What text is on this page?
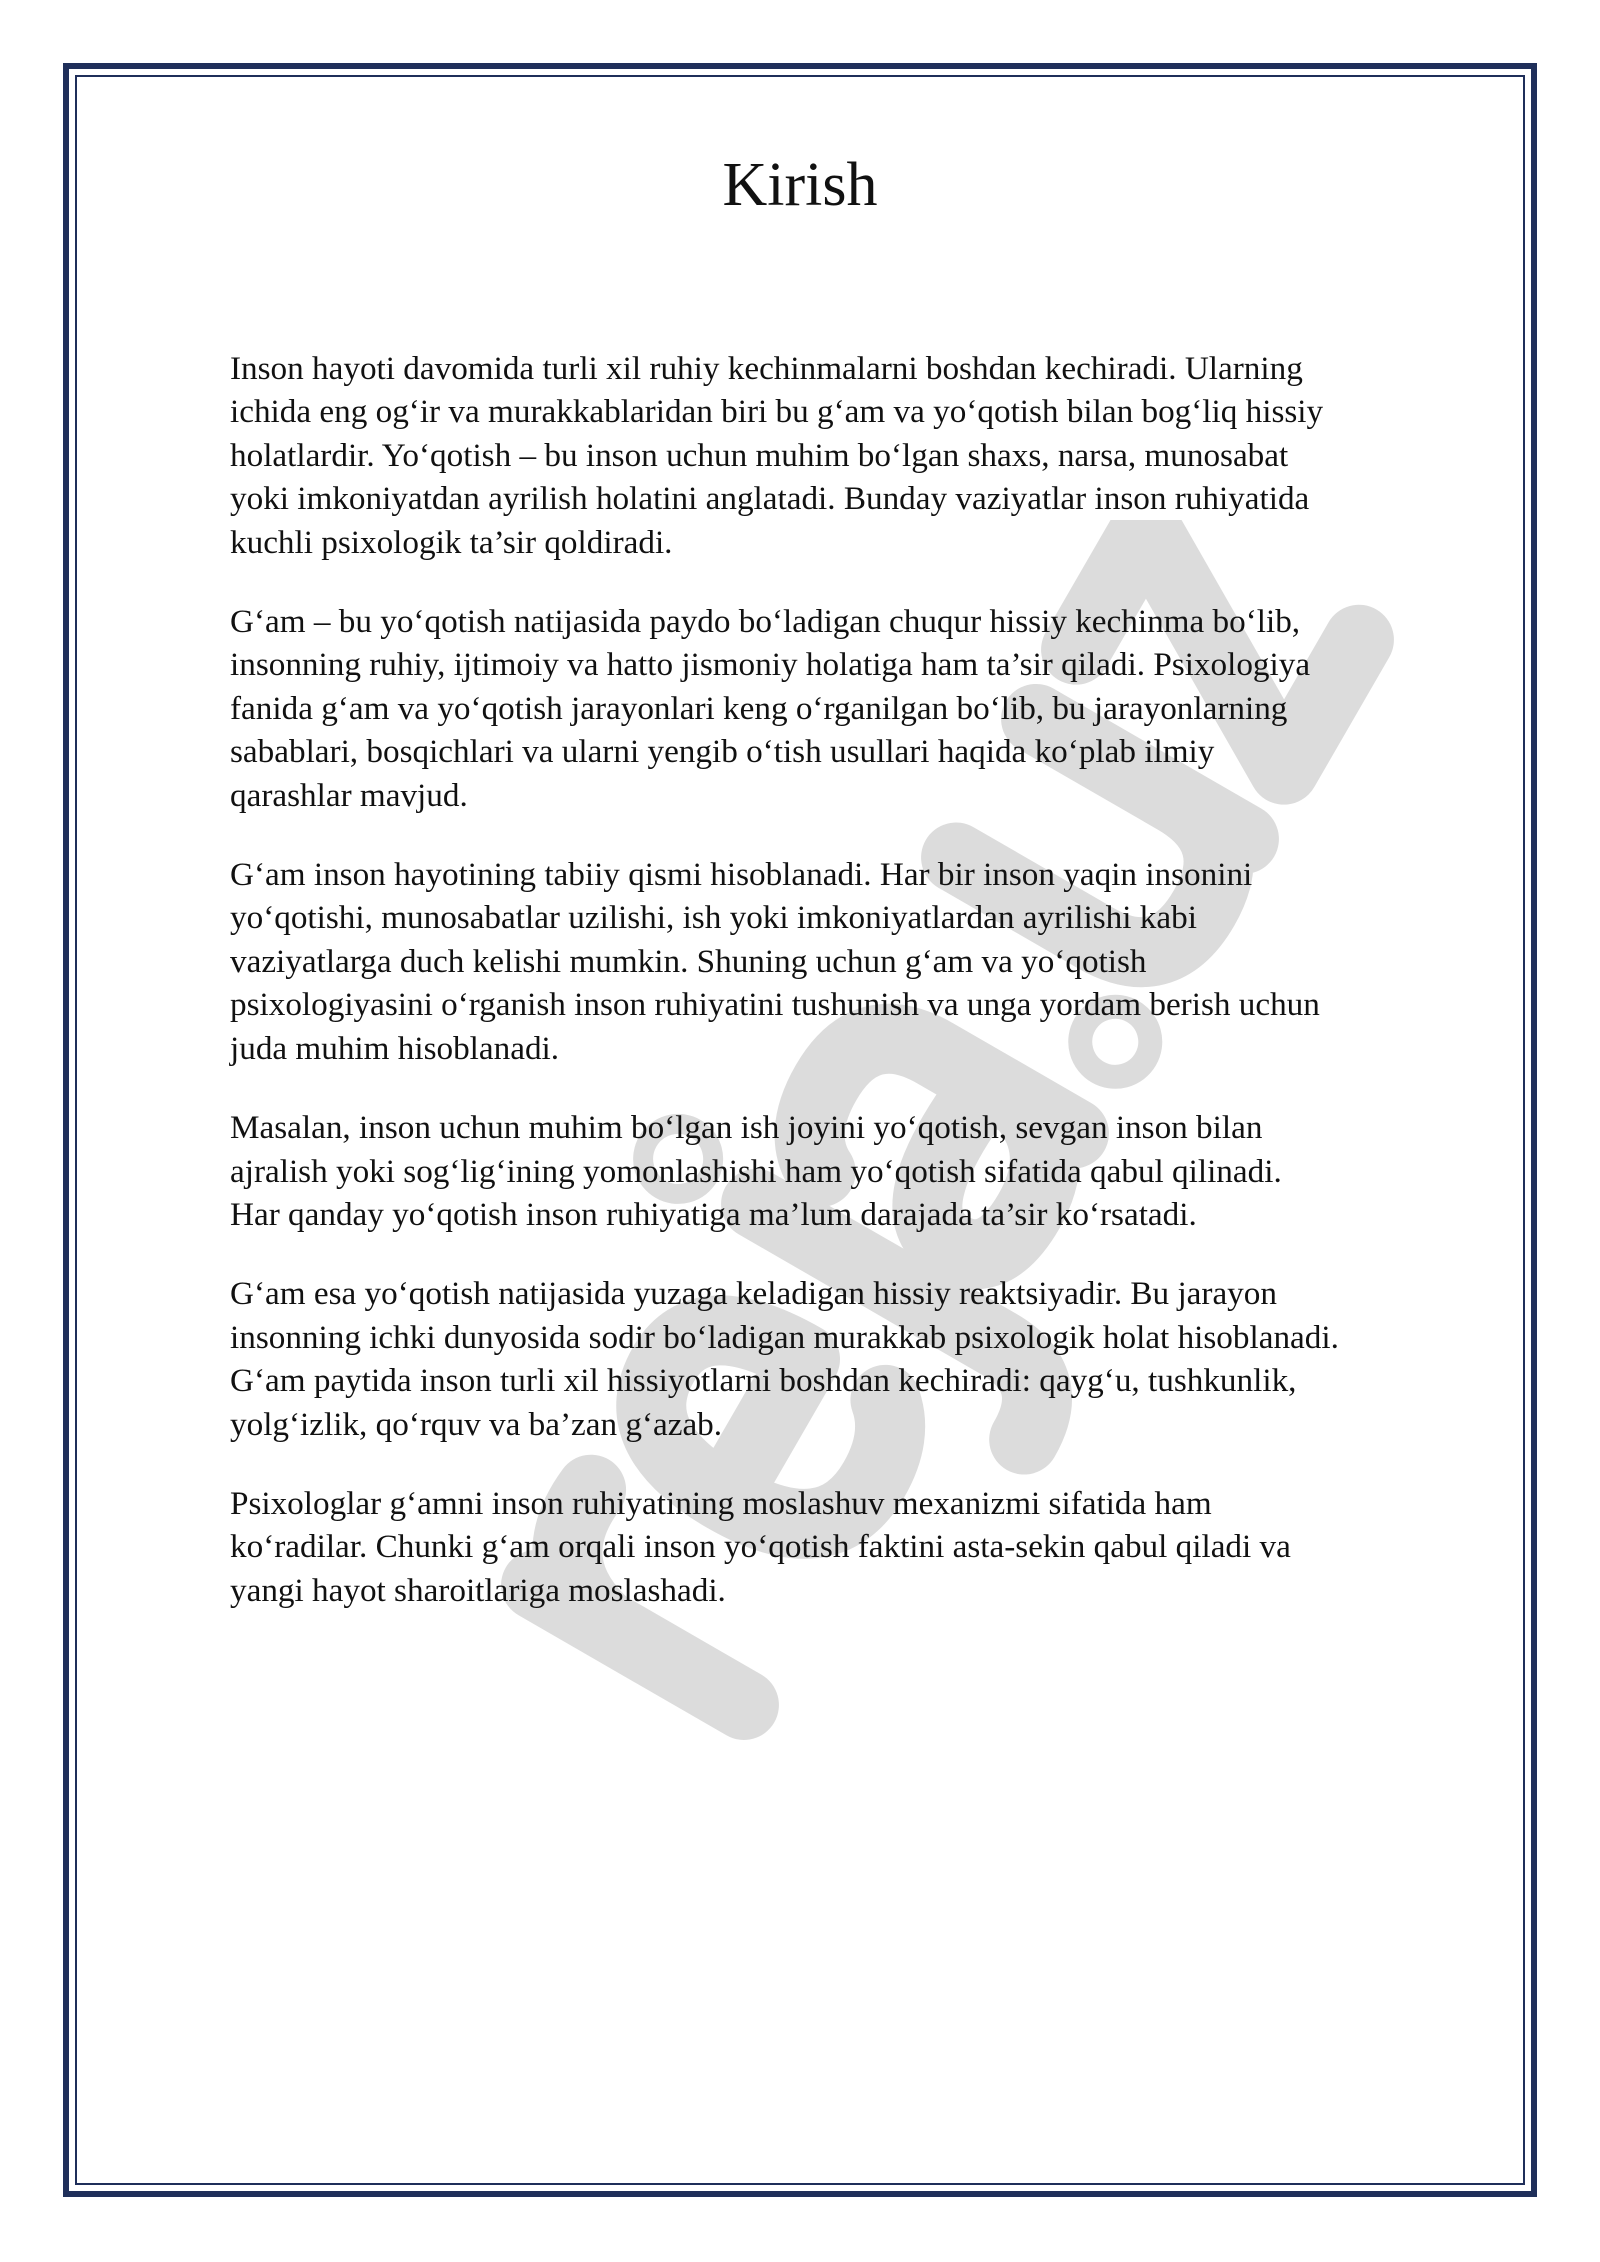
Kirish

Inson hayoti davomida turli xil ruhiy kechinmalarni boshdan kechiradi. Ularning
ichida eng og‘ir va murakkablaridan biri bu g‘am va yo‘qotish bilan bog‘liq hissiy
holatlardir. Yo‘qotish – bu inson uchun muhim bo‘lgan shaxs, narsa, munosabat
yoki imkoniyatdan ayrilish holatini anglatadi. Bunday vaziyatlar inson ruhiyatida
kuchli psixologik ta’sir qoldiradi.

G‘am – bu yo‘qotish natijasida paydo bo‘ladigan chuqur hissiy kechinma bo‘lib,
insonning ruhiy, ijtimoiy va hatto jismoniy holatiga ham ta’sir qiladi. Psixologiya
fanida g‘am va yo‘qotish jarayonlari keng o‘rganilgan bo‘lib, bu jarayonlarning
sabablari, bosqichlari va ularni yengib o‘tish usullari haqida ko‘plab ilmiy
qarashlar mavjud.

G‘am inson hayotining tabiiy qismi hisoblanadi. Har bir inson yaqin insonini
yo‘qotishi, munosabatlar uzilishi, ish yoki imkoniyatlardan ayrilishi kabi
vaziyatlarga duch kelishi mumkin. Shuning uchun g‘am va yo‘qotish
psixologiyasini o‘rganish inson ruhiyatini tushunish va unga yordam berish uchun
juda muhim hisoblanadi.

Masalan, inson uchun muhim bo‘lgan ish joyini yo‘qotish, sevgan inson bilan
ajralish yoki sog‘lig‘ining yomonlashishi ham yo‘qotish sifatida qabul qilinadi.
Har qanday yo‘qotish inson ruhiyatiga ma’lum darajada ta’sir ko‘rsatadi.

G‘am esa yo‘qotish natijasida yuzaga keladigan hissiy reaktsiyadir. Bu jarayon
insonning ichki dunyosida sodir bo‘ladigan murakkab psixologik holat hisoblanadi.
G‘am paytida inson turli xil hissiyotlarni boshdan kechiradi: qayg‘u, tushkunlik,
yolg‘izlik, qo‘rquv va ba’zan g‘azab.

Psixologlar g‘amni inson ruhiyatining moslashuv mexanizmi sifatida ham
ko‘radilar. Chunki g‘am orqali inson yo‘qotish faktini asta-sekin qabul qiladi va
yangi hayot sharoitlariga moslashadi.
